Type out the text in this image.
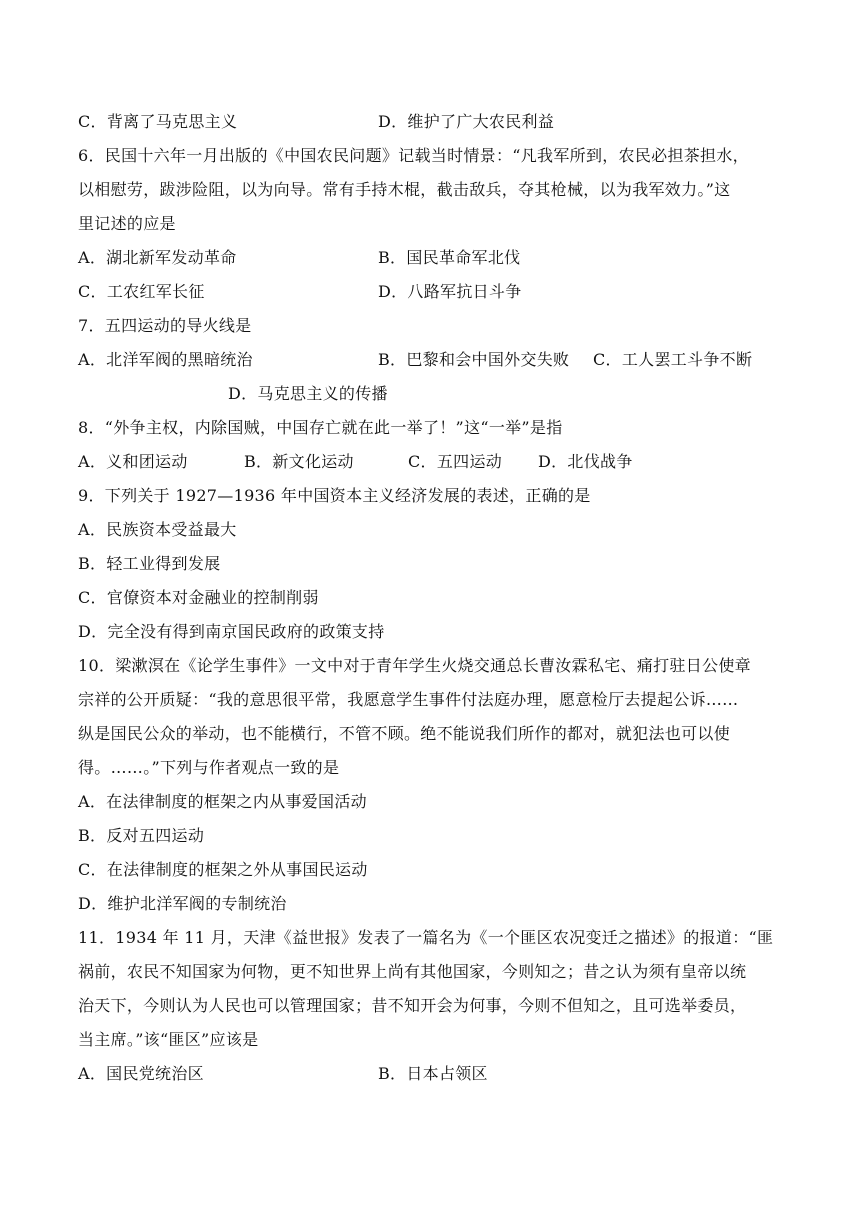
C．背离了马克思主义	D．维护了广大农民利益
6．民国十六年一月出版的《中国农民问题》记载当时情景：“凡我军所到，农民必担茶担水，
以相慰劳，跋涉险阻，以为向导。常有手持木棍，截击敌兵，夺其枪械，以为我军效力。”这
里记述的应是
A．湖北新军发动革命	B．国民革命军北伐
C．工农红军长征	D．八路军抗日斗争
7．五四运动的导火线是
A．北洋军阀的黑暗统治	B．巴黎和会中国外交失败 C．工人罢工斗争不断
D．马克思主义的传播
8．“外争主权，内除国贼，中国存亡就在此一举了！”这“一举”是指
A．义和团运动	B．新文化运动	C．五四运动 D．北伐战争
9．下列关于 1927—1936 年中国资本主义经济发展的表述，正确的是
A．民族资本受益最大
B．轻工业得到发展
C．官僚资本对金融业的控制削弱
D．完全没有得到南京国民政府的政策支持
10．梁漱溟在《论学生事件》一文中对于青年学生火烧交通总长曹汝霖私宅、痛打驻日公使章
宗祥的公开质疑：“我的意思很平常，我愿意学生事件付法庭办理，愿意检厅去提起公诉……
纵是国民公众的举动，也不能横行，不管不顾。绝不能说我们所作的都对，就犯法也可以使
得。……。”下列与作者观点一致的是
A．在法律制度的框架之内从事爱国活动
B．反对五四运动
C．在法律制度的框架之外从事国民运动
D．维护北洋军阀的专制统治
11．1934 年 11 月，天津《益世报》发表了一篇名为《一个匪区农况变迁之描述》的报道：“匪
祸前，农民不知国家为何物，更不知世界上尚有其他国家，今则知之；昔之认为须有皇帝以统
治天下，今则认为人民也可以管理国家；昔不知开会为何事，今则不但知之，且可选举委员，
当主席。”该“匪区”应该是
A．国民党统治区	B．日本占领区
